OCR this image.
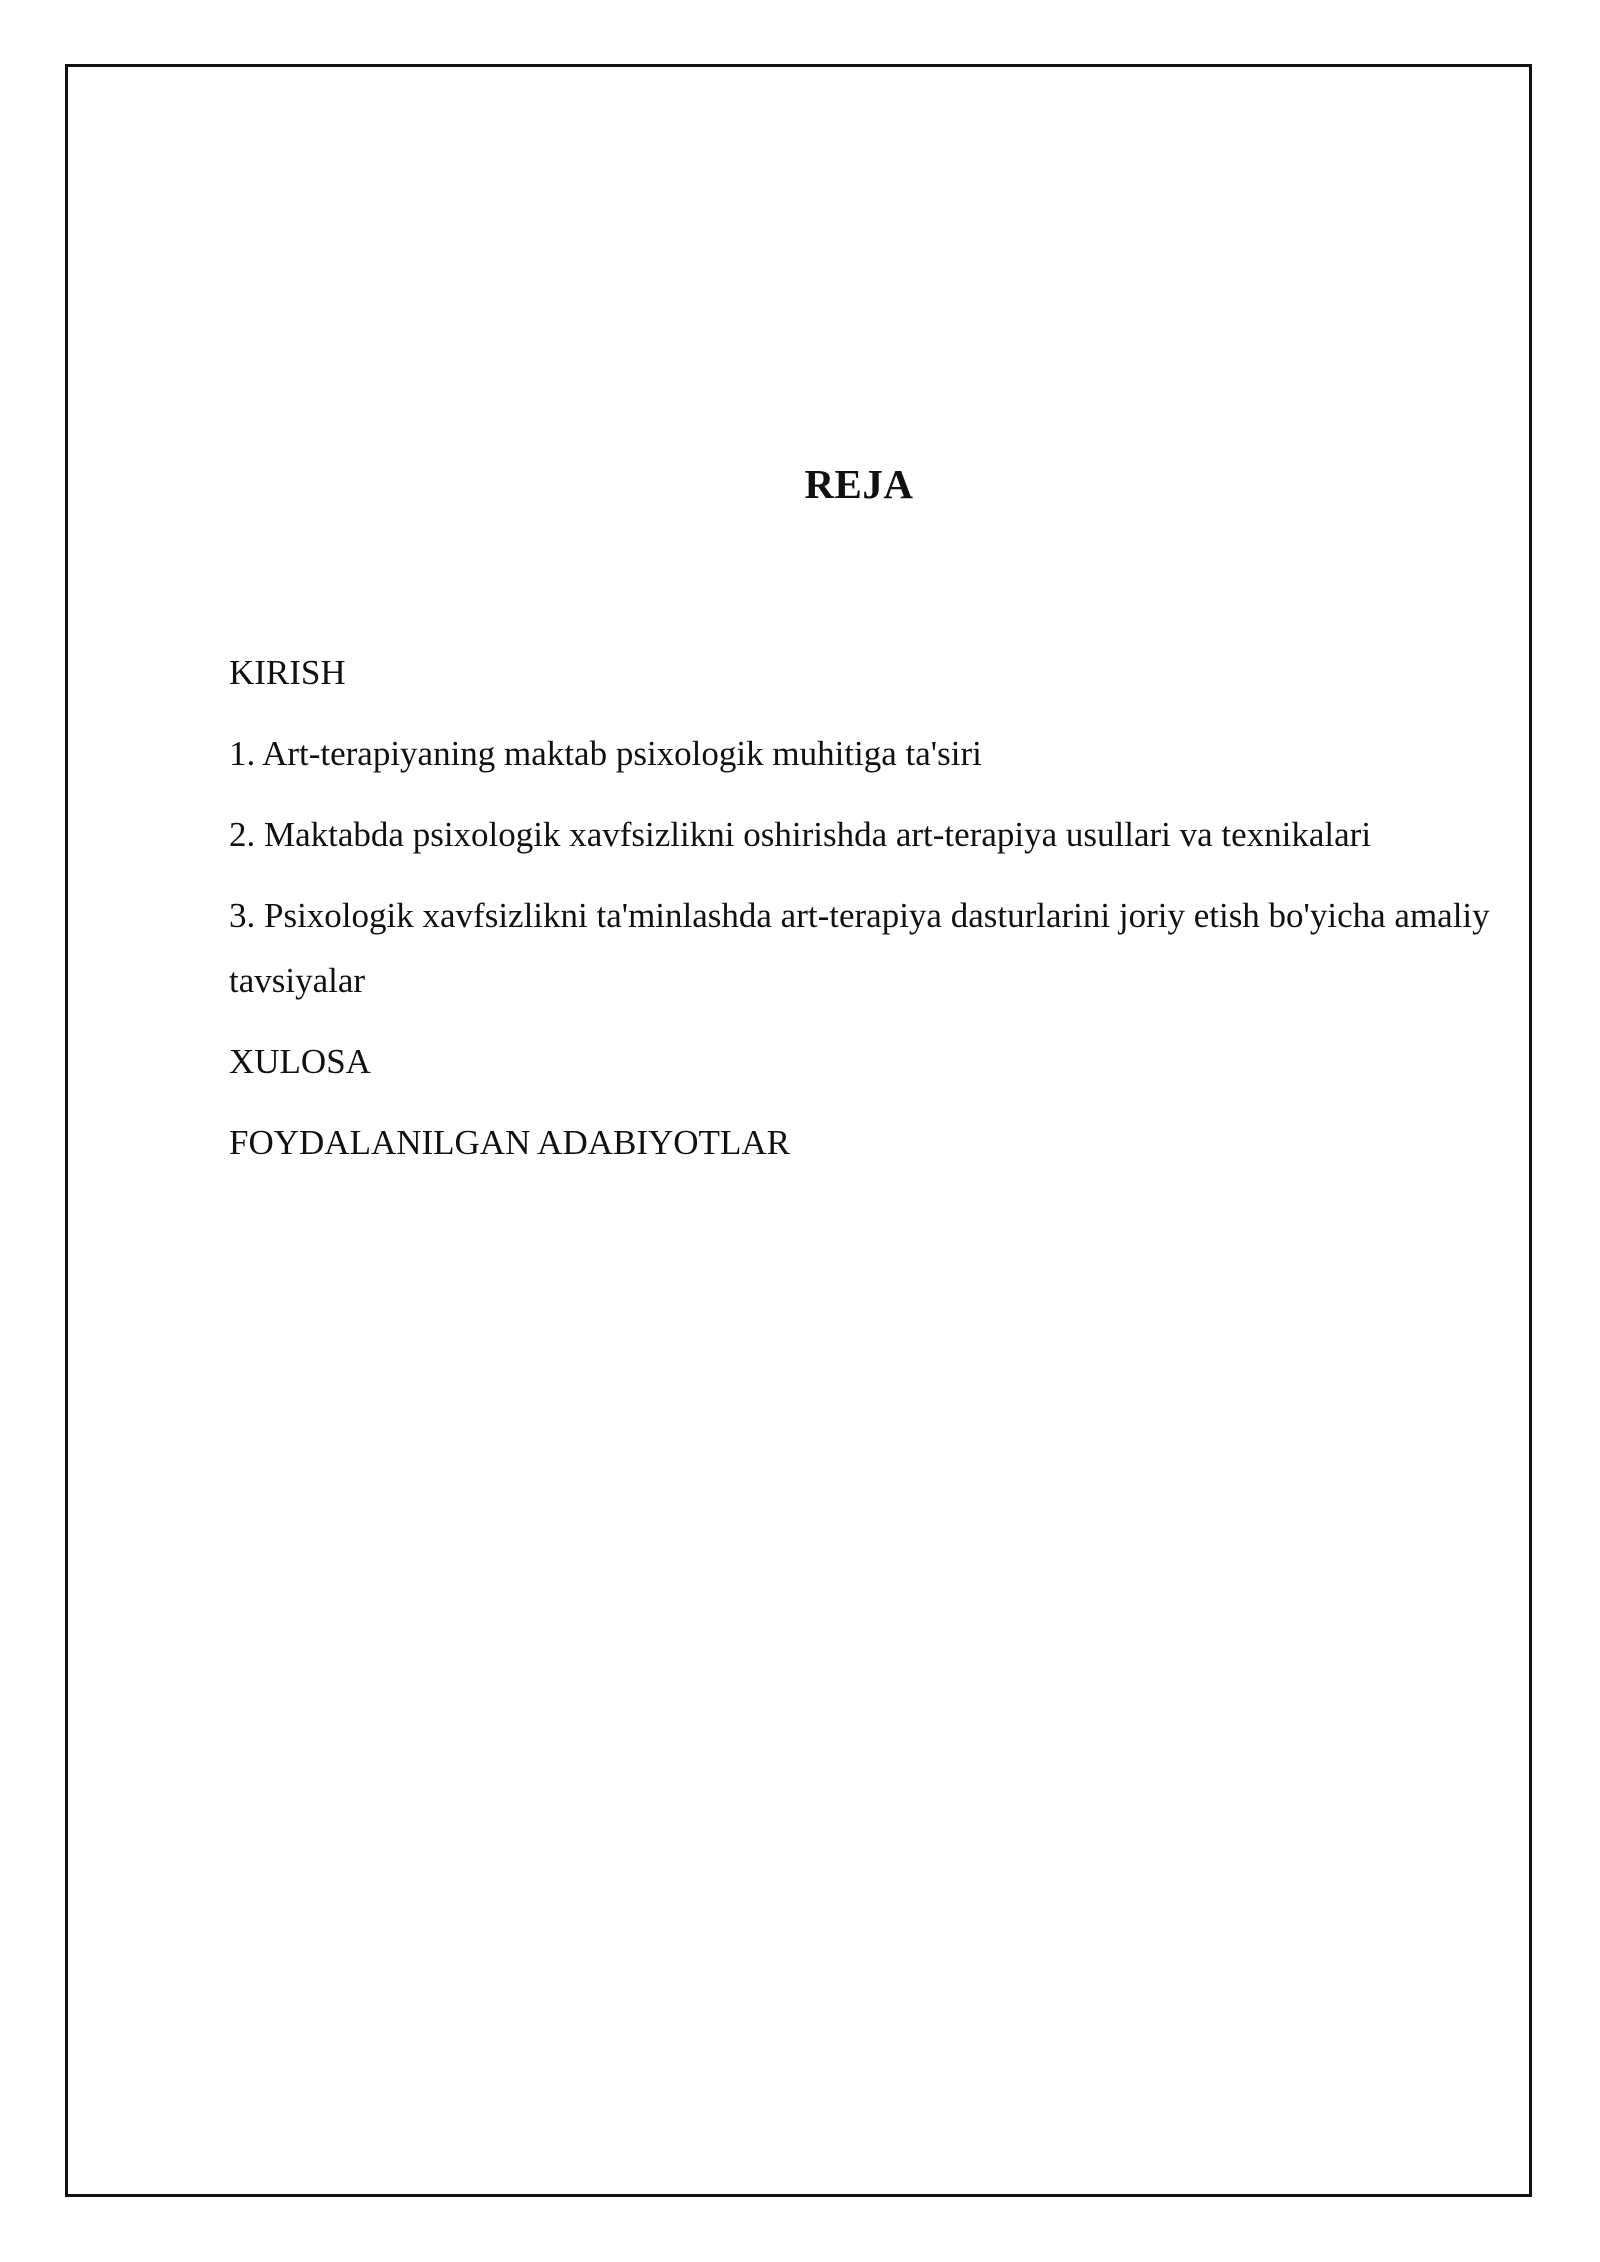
REJA
KIRISH
1. Art-terapiyaning maktab psixologik muhitiga ta'siri
2. Maktabda psixologik xavfsizlikni oshirishda art-terapiya usullari va texnikalari
3. Psixologik xavfsizlikni ta'minlashda art-terapiya dasturlarini joriy etish bo'yicha amaliy tavsiyalar
XULOSA
FOYDALANILGAN ADABIYOTLAR
